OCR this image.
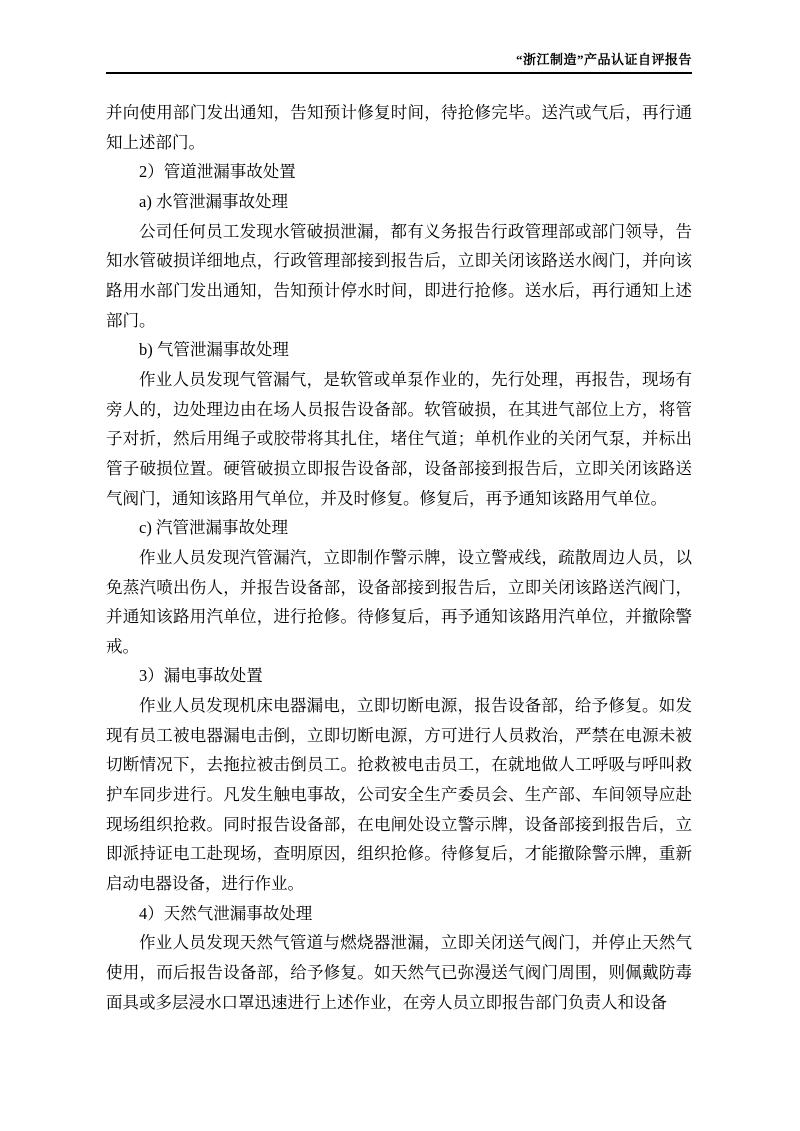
“浙江制造”产品认证自评报告

并向使用部门发出通知，告知预计修复时间，待抢修完毕。送汽或气后，再行通知上述部门。

2）管道泄漏事故处置

a) 水管泄漏事故处理

公司任何员工发现水管破损泄漏，都有义务报告行政管理部或部门领导，告知水管破损详细地点，行政管理部接到报告后，立即关闭该路送水阀门，并向该路用水部门发出通知，告知预计停水时间，即进行抢修。送水后，再行通知上述部门。

b) 气管泄漏事故处理

作业人员发现气管漏气，是软管或单泵作业的，先行处理，再报告，现场有旁人的，边处理边由在场人员报告设备部。软管破损，在其进气部位上方，将管子对折，然后用绳子或胶带将其扎住，堵住气道；单机作业的关闭气泵，并标出管子破损位置。硬管破损立即报告设备部，设备部接到报告后，立即关闭该路送气阀门，通知该路用气单位，并及时修复。修复后，再予通知该路用气单位。

c) 汽管泄漏事故处理

作业人员发现汽管漏汽，立即制作警示牌，设立警戒线，疏散周边人员，以免蒸汽喷出伤人，并报告设备部，设备部接到报告后，立即关闭该路送汽阀门，并通知该路用汽单位，进行抢修。待修复后，再予通知该路用汽单位，并撤除警戒。

3）漏电事故处置

作业人员发现机床电器漏电，立即切断电源，报告设备部，给予修复。如发现有员工被电器漏电击倒，立即切断电源，方可进行人员救治，严禁在电源未被切断情况下，去拖拉被击倒员工。抢救被电击员工，在就地做人工呼吸与呼叫救护车同步进行。凡发生触电事故，公司安全生产委员会、生产部、车间领导应赴现场组织抢救。同时报告设备部，在电闸处设立警示牌，设备部接到报告后，立即派持证电工赴现场，查明原因，组织抢修。待修复后，才能撤除警示牌，重新启动电器设备，进行作业。

4）天然气泄漏事故处理

作业人员发现天然气管道与燃烧器泄漏，立即关闭送气阀门，并停止天然气使用，而后报告设备部，给予修复。如天然气已弥漫送气阀门周围，则佩戴防毒面具或多层浸水口罩迅速进行上述作业，在旁人员立即报告部门负责人和设备
